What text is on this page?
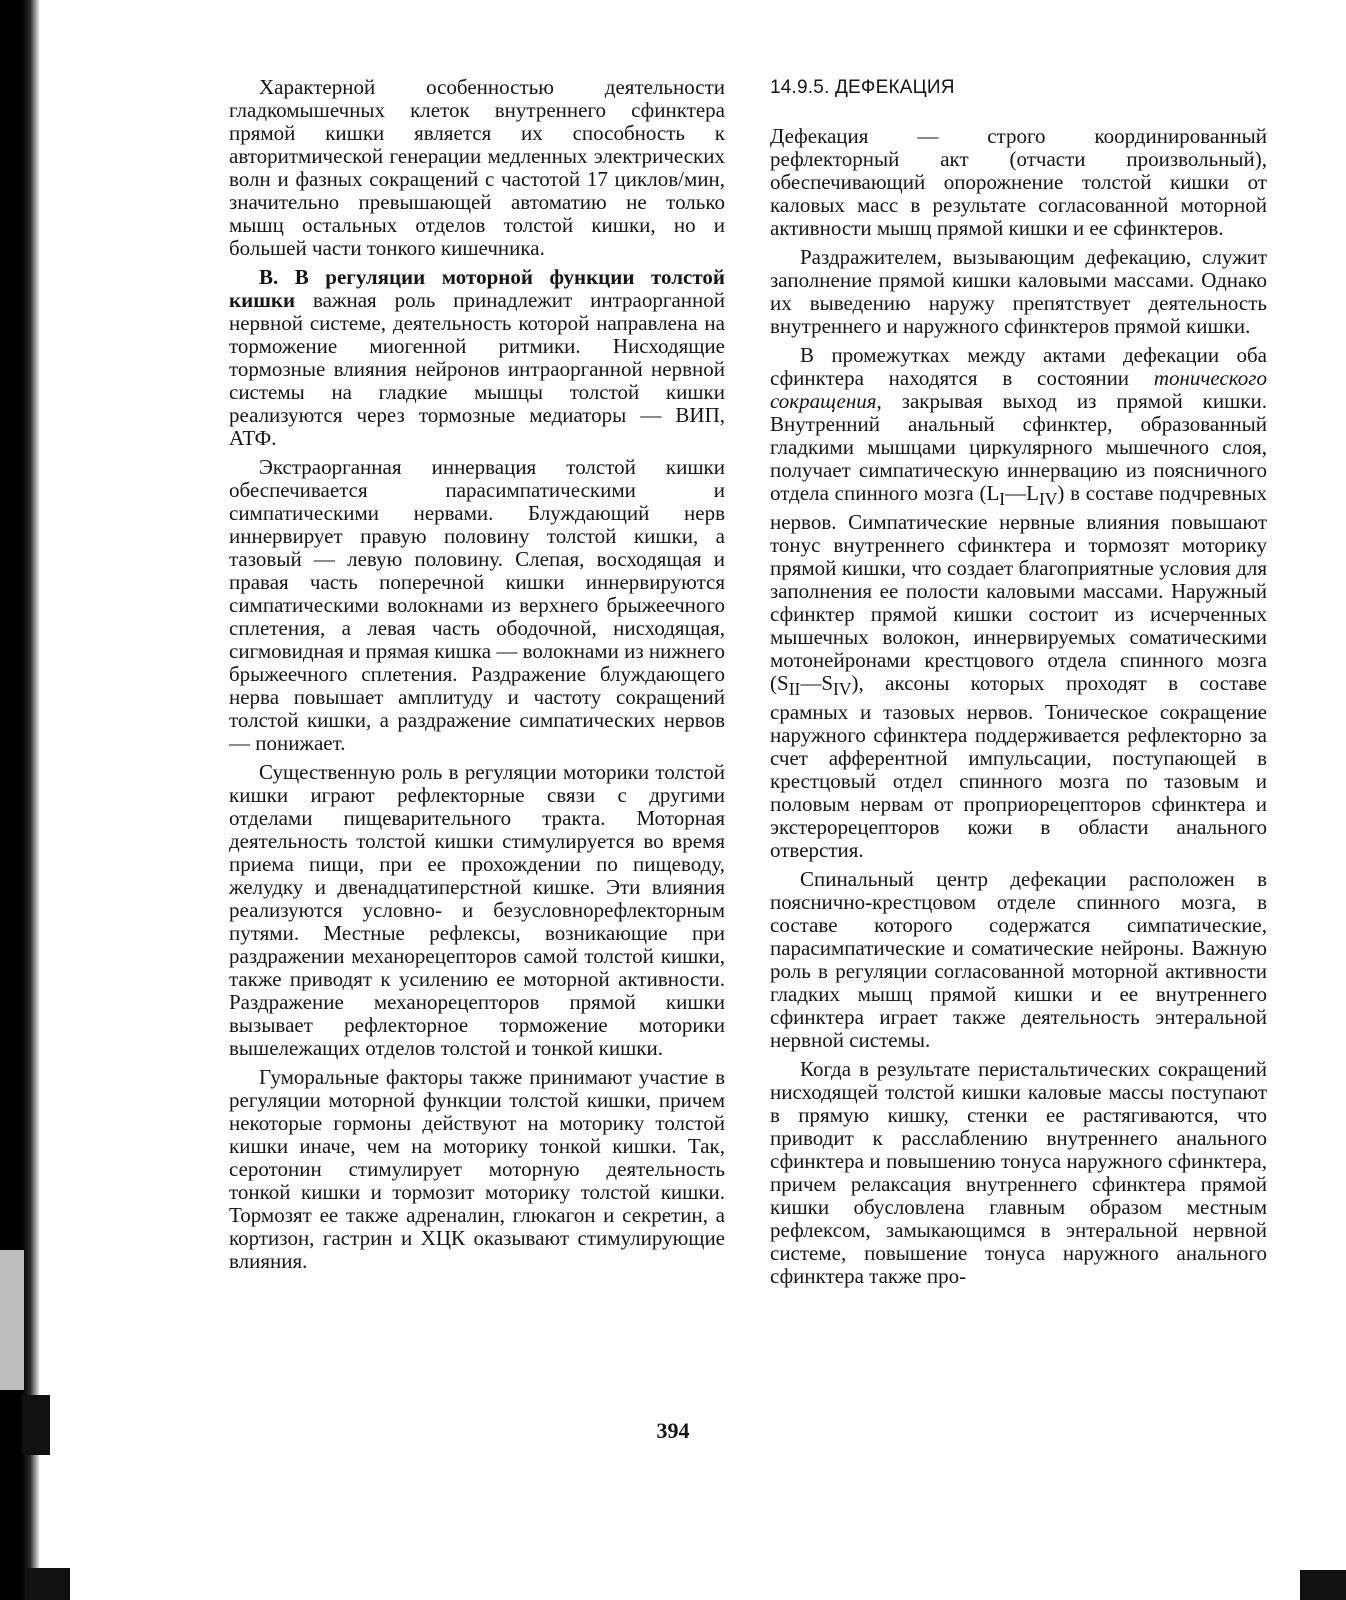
Характерной особенностью деятельности гладкомышечных клеток внутреннего сфинктера прямой кишки является их способность к авторитмической генерации медленных электрических волн и фазных сокращений с частотой 17 циклов/мин, значительно превышающей автоматию не только мышц остальных отделов толстой кишки, но и большей части тонкого кишечника.

В. В регуляции моторной функции толстой кишки важная роль принадлежит интраорганной нервной системе, деятельность которой направлена на торможение миогенной ритмики. Нисходящие тормозные влияния нейронов интраорганной нервной системы на гладкие мышцы толстой кишки реализуются через тормозные медиаторы — ВИП, АТФ.

Экстраорганная иннервация толстой кишки обеспечивается парасимпатическими и симпатическими нервами. Блуждающий нерв иннервирует правую половину толстой кишки, а тазовый — левую половину. Слепая, восходящая и правая часть поперечной кишки иннервируются симпатическими волокнами из верхнего брыжеечного сплетения, а левая часть ободочной, нисходящая, сигмовидная и прямая кишка — волокнами из нижнего брыжеечного сплетения. Раздражение блуждающего нерва повышает амплитуду и частоту сокращений толстой кишки, а раздражение симпатических нервов — понижает.

Существенную роль в регуляции моторики толстой кишки играют рефлекторные связи с другими отделами пищеварительного тракта. Моторная деятельность толстой кишки стимулируется во время приема пищи, при ее прохождении по пищеводу, желудку и двенадцатиперстной кишке. Эти влияния реализуются условно- и безусловнорефлекторным путями. Местные рефлексы, возникающие при раздражении механорецепторов самой толстой кишки, также приводят к усилению ее моторной активности. Раздражение механорецепторов прямой кишки вызывает рефлекторное торможение моторики вышележащих отделов толстой и тонкой кишки.

Гуморальные факторы также принимают участие в регуляции моторной функции толстой кишки, причем некоторые гормоны действуют на моторику толстой кишки иначе, чем на моторику тонкой кишки. Так, серотонин стимулирует моторную деятельность тонкой кишки и тормозит моторику толстой кишки. Тормозят ее также адреналин, глюкагон и секретин, а кортизон, гастрин и ХЦК оказывают стимулирующие влияния.

14.9.5. ДЕФЕКАЦИЯ

Дефекация — строго координированный рефлекторный акт (отчасти произвольный), обеспечивающий опорожнение толстой кишки от каловых масс в результате согласованной моторной активности мышц прямой кишки и ее сфинктеров.

Раздражителем, вызывающим дефекацию, служит заполнение прямой кишки каловыми массами. Однако их выведению наружу препятствует деятельность внутреннего и наружного сфинктеров прямой кишки.

В промежутках между актами дефекации оба сфинктера находятся в состоянии тонического сокращения, закрывая выход из прямой кишки. Внутренний анальный сфинктер, образованный гладкими мышцами циркулярного мышечного слоя, получает симпатическую иннервацию из поясничного отдела спинного мозга $(L_I—L_{IV})$ в составе подчревных нервов. Симпатические нервные влияния повышают тонус внутреннего сфинктера и тормозят моторику прямой кишки, что создает благоприятные условия для заполнения ее полости каловыми массами. Наружный сфинктер прямой кишки состоит из исчерченных мышечных волокон, иннервируемых соматическими мотонейронами крестцового отдела спинного мозга $(S_{II}—S_{IV})$, аксоны которых проходят в составе срамных и тазовых нервов. Тоническое сокращение наружного сфинктера поддерживается рефлекторно за счет афферентной импульсации, поступающей в крестцовый отдел спинного мозга по тазовым и половым нервам от проприорецепторов сфинктера и экстерорецепторов кожи в области анального отверстия.

Спинальный центр дефекации расположен в пояснично-крестцовом отделе спинного мозга, в составе которого содержатся симпатические, парасимпатические и соматические нейроны. Важную роль в регуляции согласованной моторной активности гладких мышц прямой кишки и ее внутреннего сфинктера играет также деятельность энтеральной нервной системы.

Когда в результате перистальтических сокращений нисходящей толстой кишки каловые массы поступают в прямую кишку, стенки ее растягиваются, что приводит к расслаблению внутреннего анального сфинктера и повышению тонуса наружного сфинктера, причем релаксация внутреннего сфинктера прямой кишки обусловлена главным образом местным рефлексом, замыкающимся в энтеральной нервной системе, повышение тонуса наружного анального сфинктера также про-

394
